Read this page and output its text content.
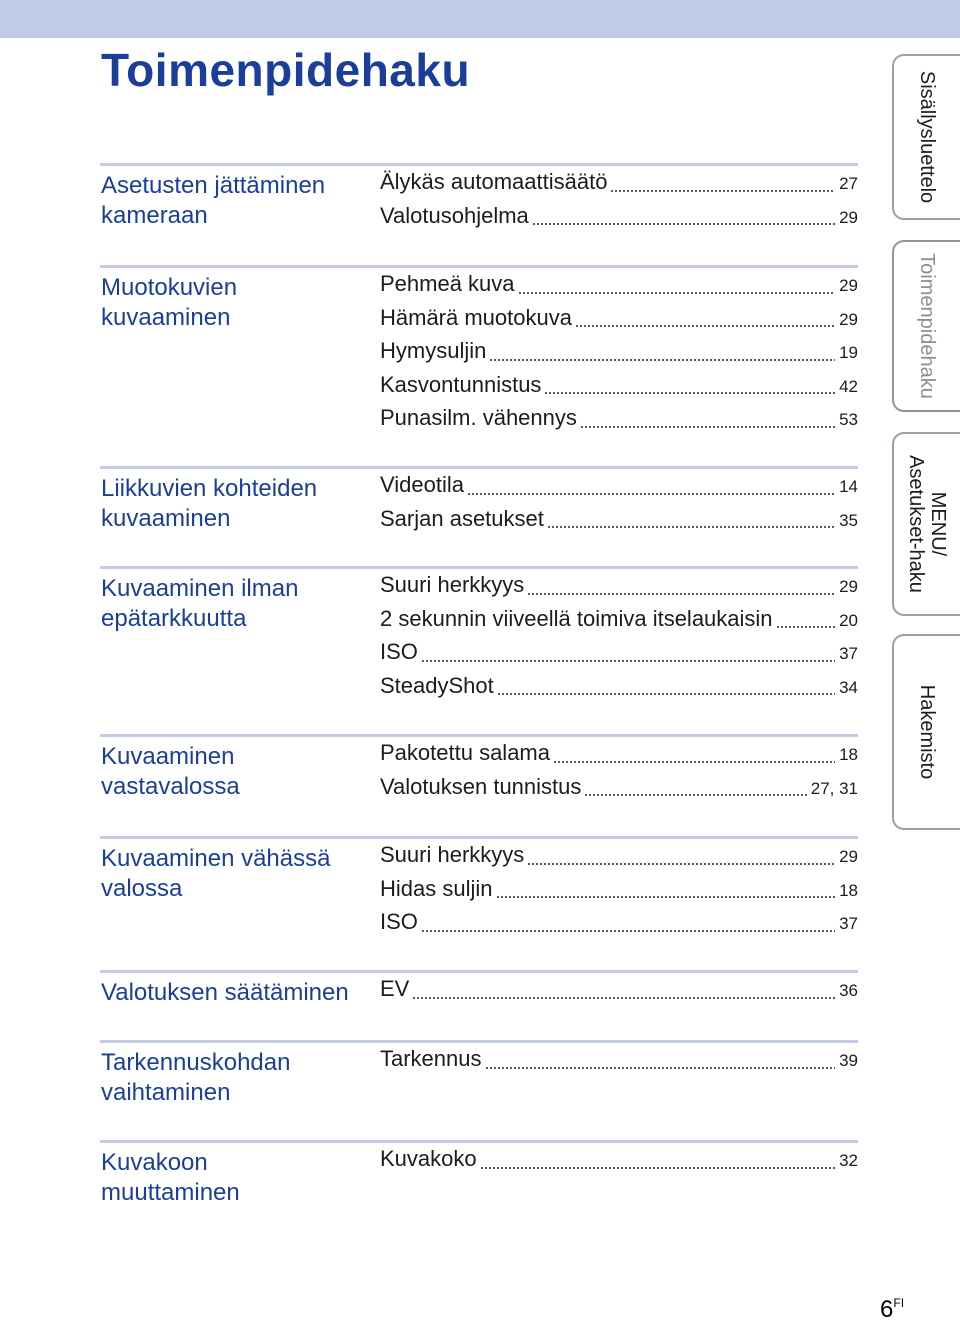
Toimenpidehaku
Asetusten jättäminen
kameraan
Älykäs automaattisäätö	27
Valotusohjelma	29
Muotokuvien
kuvaaminen
Pehmeä kuva	29
Hämärä muotokuva	29
Hymysuljin	19
Kasvontunnistus	42
Punasilm. vähennys	53
Liikkuvien kohteiden
kuvaaminen
Videotila	14
Sarjan asetukset	35
Kuvaaminen ilman
epätarkkuutta
Suuri herkkyys	29
2 sekunnin viiveellä toimiva itselaukaisin	20
ISO	37
SteadyShot	34
Kuvaaminen
vastavalossa
Pakotettu salama	18
Valotuksen tunnistus	27, 31
Kuvaaminen vähässä
valossa
Suuri herkkyys	29
Hidas suljin	18
ISO	37
Valotuksen säätäminen	EV	36
Tarkennuskohdan
vaihtaminen
Tarkennus	39
Kuvakoon
muuttaminen
Kuvakoko	32
Sisällysluettelo
Toimenpidehaku
MENU/
Asetukset-haku
Hakemisto
$6^{FI}$
